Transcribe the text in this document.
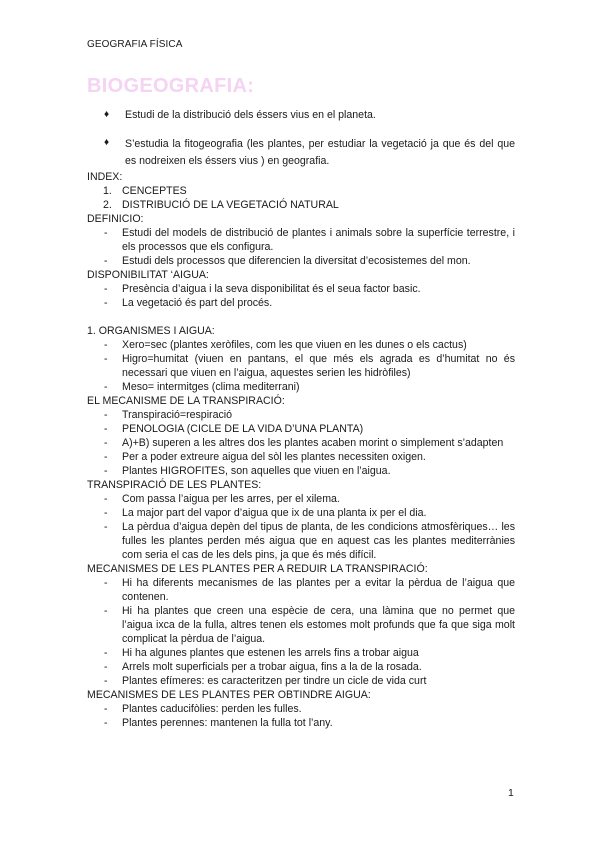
GEOGRAFIA FÍSICA
BIOGEOGRAFIA:
♦	Estudi de la distribució dels éssers vius en el planeta.
♦	S’estudia la fitogeografia (les plantes, per estudiar la vegetació ja que és del que es nodreixen els éssers vius ) en geografia.
INDEX:
1. CENCEPTES
2. DISTRIBUCIÓ DE LA VEGETACIÓ NATURAL
DEFINICIO:
-	Estudi del models de distribució de plantes i animals sobre la superfície terrestre, i els processos que els configura.
-	Estudi dels processos que diferencien la diversitat d’ecosistemes del mon.
DISPONIBILITAT ‘AIGUA:
-	Presència d’aigua i la seva disponibilitat és el seua factor basic.
-	La vegetació és part del procés.
1. ORGANISMES I AIGUA:
-	Xero=sec (plantes xeròfiles, com les que viuen en les dunes o els cactus)
-	Higro=humitat (viuen en pantans, el que més els agrada es d’humitat no és necessari que viuen en l’aigua, aquestes serien les hidròfiles)
-	Meso= intermitges (clima mediterrani)
EL MECANISME DE LA TRANSPIRACIÓ:
-	Transpiració=respiració
-	PENOLOGIA (CICLE DE LA VIDA D’UNA PLANTA)
-	A)+B) superen a les altres dos les plantes acaben morint o simplement s’adapten
-	Per a poder extreure aigua del sòl les plantes necessiten oxigen.
-	Plantes HIGROFITES, son aquelles que viuen en l’aigua.
TRANSPIRACIÓ DE LES PLANTES:
-	Com passa l’aigua per les arres, per el xilema.
-	La major part del vapor d’aigua que ix de una planta ix per el dia.
-	La pèrdua d’aigua depèn del tipus de planta, de les condicions atmosfèriques… les fulles les plantes perden més aigua que en aquest cas les plantes mediterrànies com seria el cas de les dels pins, ja que és més difícil.
MECANISMES DE LES PLANTES PER A REDUIR LA TRANSPIRACIÓ:
-	Hi ha diferents mecanismes de las plantes per a evitar la pèrdua de l’aigua que contenen.
-	Hi ha plantes que creen una espècie de cera, una làmina que no permet que l’aigua ixca de la fulla, altres tenen els estomes molt profunds que fa que siga molt complicat la pèrdua de l’aigua.
-	Hi ha algunes plantes que estenen les arrels fins a trobar aigua
-	Arrels molt superficials per a trobar aigua, fins a la de la rosada.
-	Plantes efímeres: es caracteritzen per tindre un cicle de vida curt
MECANISMES DE LES PLANTES PER OBTINDRE AIGUA:
-	Plantes caducifòlies: perden les fulles.
-	Plantes perennes: mantenen la fulla tot l’any.
1
